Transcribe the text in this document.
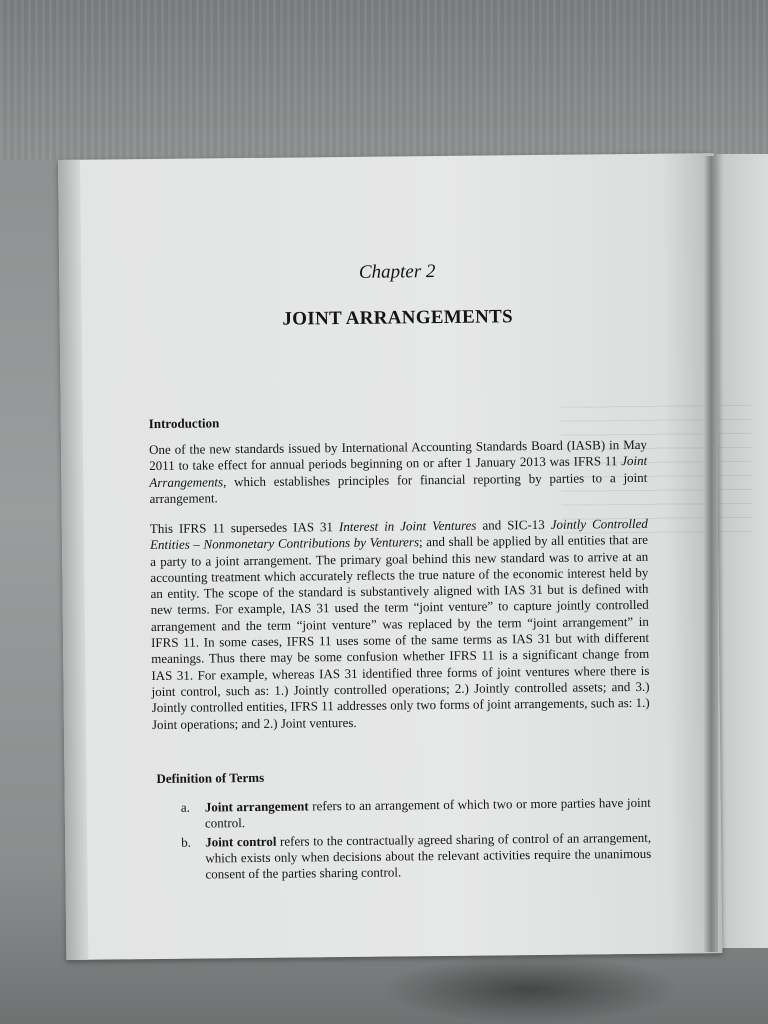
Chapter 2
JOINT ARRANGEMENTS
Introduction

One of the new standards issued by International Accounting Standards Board (IASB) in May 2011 to take effect for annual periods beginning on or after 1 January 2013 was IFRS 11 Joint Arrangements, which establishes principles for financial reporting by parties to a joint arrangement.

This IFRS 11 supersedes IAS 31 Interest in Joint Ventures and SIC-13 Jointly Controlled Entities – Nonmonetary Contributions by Venturers; and shall be applied by all entities that are a party to a joint arrangement. The primary goal behind this new standard was to arrive at an accounting treatment which accurately reflects the true nature of the economic interest held by an entity. The scope of the standard is substantively aligned with IAS 31 but is defined with new terms. For example, IAS 31 used the term “joint venture” to capture jointly controlled arrangement and the term “joint venture” was replaced by the term “joint arrangement” in IFRS 11. In some cases, IFRS 11 uses some of the same terms as IAS 31 but with different meanings. Thus there may be some confusion whether IFRS 11 is a significant change from IAS 31. For example, whereas IAS 31 identified three forms of joint ventures where there is joint control, such as: 1.) Jointly controlled operations; 2.) Jointly controlled assets; and 3.) Jointly controlled entities, IFRS 11 addresses only two forms of joint arrangements, such as: 1.) Joint operations; and 2.) Joint ventures.

Definition of Terms
a. Joint arrangement refers to an arrangement of which two or more parties have joint control.
b. Joint control refers to the contractually agreed sharing of control of an arrangement, which exists only when decisions about the relevant activities require the unanimous consent of the parties sharing control.
